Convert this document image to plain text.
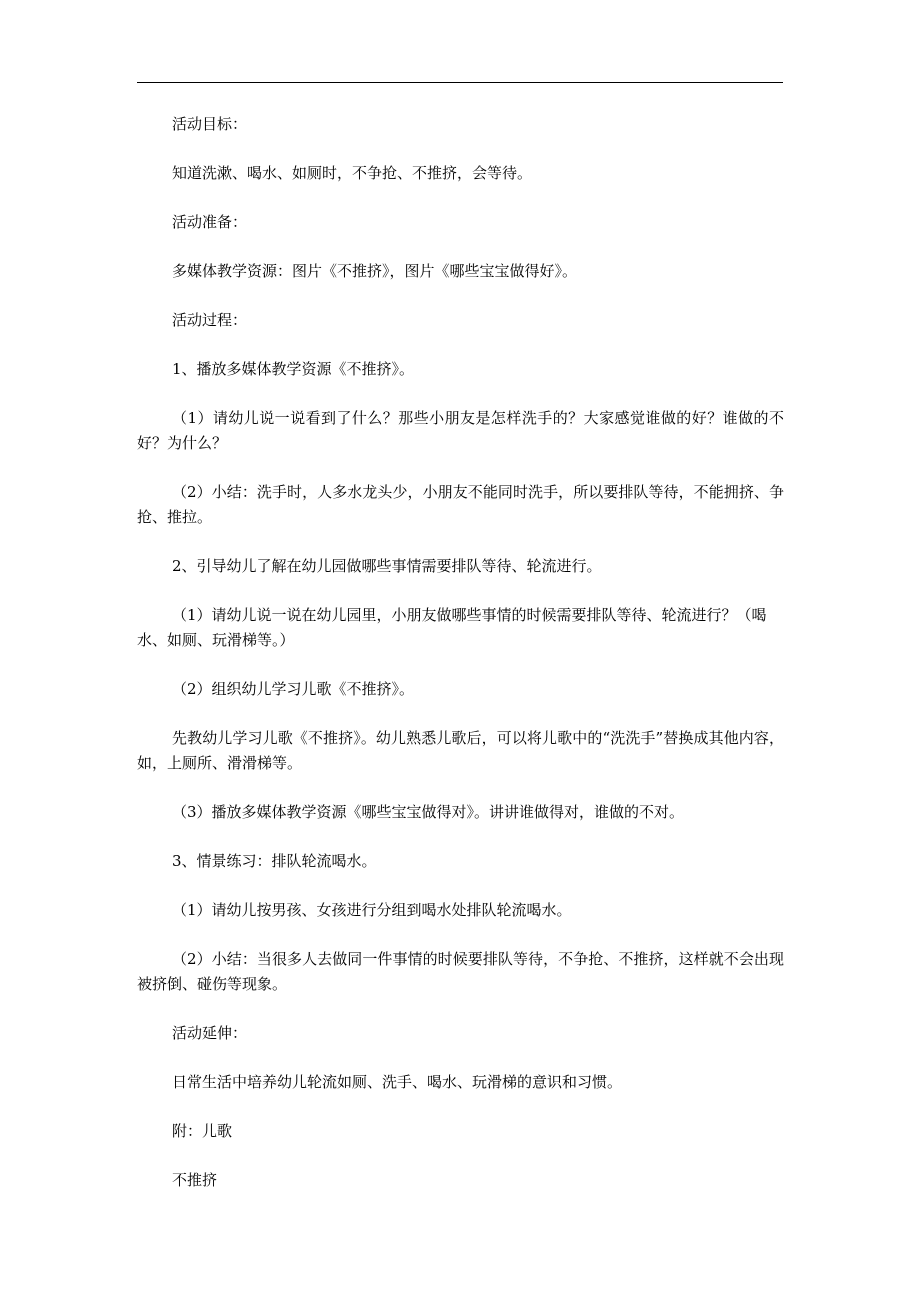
活动目标：

知道洗漱、喝水、如厕时，不争抢、不推挤，会等待。

活动准备：

多媒体教学资源：图片《不推挤》，图片《哪些宝宝做得好》。

活动过程：

1、播放多媒体教学资源《不推挤》。

（1）请幼儿说一说看到了什么？那些小朋友是怎样洗手的？大家感觉谁做的好？谁做的不好？为什么？

（2）小结：洗手时，人多水龙头少，小朋友不能同时洗手，所以要排队等待，不能拥挤、争抢、推拉。

2、引导幼儿了解在幼儿园做哪些事情需要排队等待、轮流进行。

（1）请幼儿说一说在幼儿园里，小朋友做哪些事情的时候需要排队等待、轮流进行？（喝水、如厕、玩滑梯等。）

（2）组织幼儿学习儿歌《不推挤》。

先教幼儿学习儿歌《不推挤》。幼儿熟悉儿歌后，可以将儿歌中的“洗洗手”替换成其他内容，如，上厕所、滑滑梯等。

（3）播放多媒体教学资源《哪些宝宝做得对》。讲讲谁做得对，谁做的不对。

3、情景练习：排队轮流喝水。

（1）请幼儿按男孩、女孩进行分组到喝水处排队轮流喝水。

（2）小结：当很多人去做同一件事情的时候要排队等待，不争抢、不推挤，这样就不会出现被挤倒、碰伤等现象。

活动延伸：

日常生活中培养幼儿轮流如厕、洗手、喝水、玩滑梯的意识和习惯。

附：儿歌

不推挤
